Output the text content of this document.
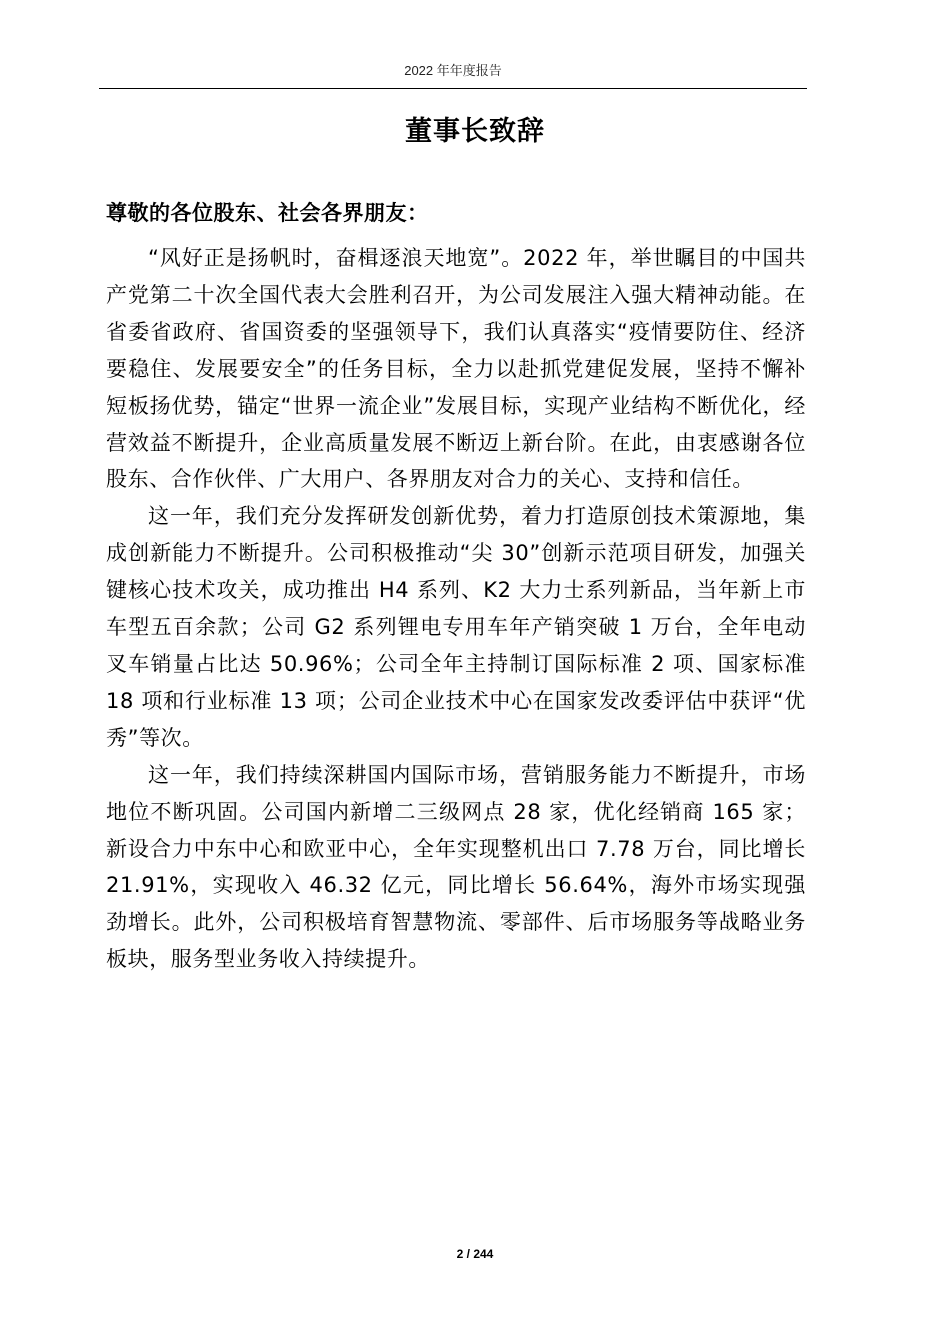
2022 年年度报告
董事长致辞
尊敬的各位股东、社会各界朋友：

“风好正是扬帆时，奋楫逐浪天地宽”。2022 年，举世瞩目的中国共产党第二十次全国代表大会胜利召开，为公司发展注入强大精神动能。在省委省政府、省国资委的坚强领导下，我们认真落实“疫情要防住、经济要稳住、发展要安全”的任务目标，全力以赴抓党建促发展，坚持不懈补短板扬优势，锚定“世界一流企业”发展目标，实现产业结构不断优化，经营效益不断提升，企业高质量发展不断迈上新台阶。在此，由衷感谢各位股东、合作伙伴、广大用户、各界朋友对合力的关心、支持和信任。

这一年，我们充分发挥研发创新优势，着力打造原创技术策源地，集成创新能力不断提升。公司积极推动“尖 30”创新示范项目研发，加强关键核心技术攻关，成功推出 H4 系列、K2 大力士系列新品，当年新上市车型五百余款；公司 G2 系列锂电专用车年产销突破 1 万台，全年电动叉车销量占比达 50.96%；公司全年主持制订国际标准 2 项、国家标准 18 项和行业标准 13 项；公司企业技术中心在国家发改委评估中获评“优秀”等次。

这一年，我们持续深耕国内国际市场，营销服务能力不断提升，市场地位不断巩固。公司国内新增二三级网点 28 家，优化经销商 165 家；新设合力中东中心和欧亚中心，全年实现整机出口 7.78 万台，同比增长 21.91%，实现收入 46.32 亿元，同比增长 56.64%，海外市场实现强劲增长。此外，公司积极培育智慧物流、零部件、后市场服务等战略业务板块，服务型业务收入持续提升。

2 / 244
